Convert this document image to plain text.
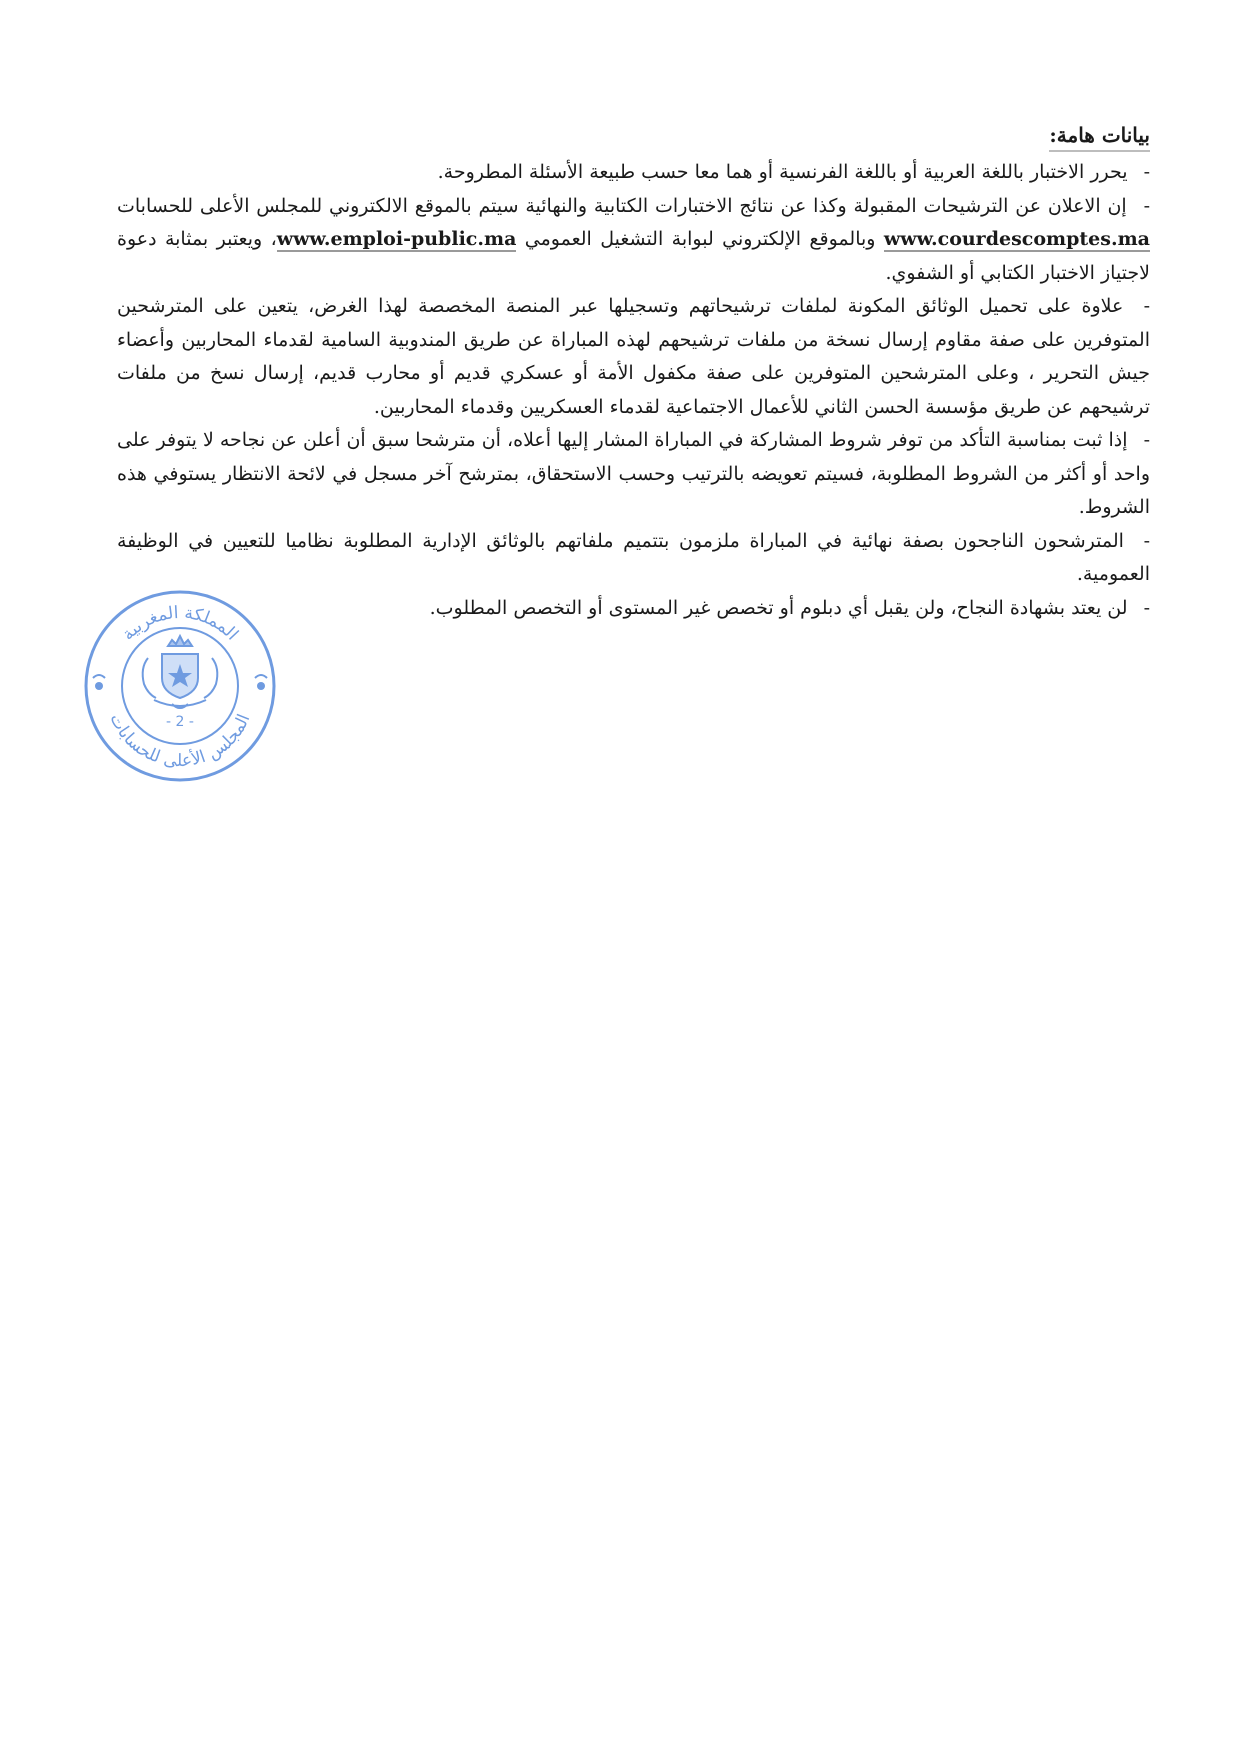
بيانات هامة:

- يحرر الاختبار باللغة العربية أو باللغة الفرنسية أو هما معا حسب طبيعة الأسئلة المطروحة.

- إن الاعلان عن الترشيحات المقبولة وكذا عن نتائج الاختبارات الكتابية والنهائية سيتم بالموقع الالكتروني للمجلس الأعلى للحسابات www.courdescomptes.ma وبالموقع الإلكتروني لبوابة التشغيل العمومي www.emploi-public.ma، ويعتبر بمثابة دعوة لاجتياز الاختبار الكتابي أو الشفوي.

- علاوة على تحميل الوثائق المكونة لملفات ترشيحاتهم وتسجيلها عبر المنصة المخصصة لهذا الغرض، يتعين على المترشحين المتوفرين على صفة مقاوم إرسال نسخة من ملفات ترشيحهم لهذه المباراة عن طريق المندوبية السامية لقدماء المحاربين وأعضاء جيش التحرير ، وعلى المترشحين المتوفرين على صفة مكفول الأمة أو عسكري قديم أو محارب قديم، إرسال نسخ من ملفات ترشيحهم عن طريق مؤسسة الحسن الثاني للأعمال الاجتماعية لقدماء العسكريين وقدماء المحاربين.

- إذا ثبت بمناسبة التأكد من توفر شروط المشاركة في المباراة المشار إليها أعلاه، أن مترشحا سبق أن أعلن عن نجاحه لا يتوفر على واحد أو أكثر من الشروط المطلوبة، فسيتم تعويضه بالترتيب وحسب الاستحقاق، بمترشح آخر مسجل في لائحة الانتظار يستوفي هذه الشروط.

- المترشحون الناجحون بصفة نهائية في المباراة ملزمون بتتميم ملفاتهم بالوثائق الإدارية المطلوبة نظاميا للتعيين في الوظيفة العمومية.

- لن يعتد بشهادة النجاح، ولن يقبل أي دبلوم أو تخصص غير المستوى أو التخصص المطلوب.

المملكة المغربية
المجلس الأعلى للحسابات
- 2 -
